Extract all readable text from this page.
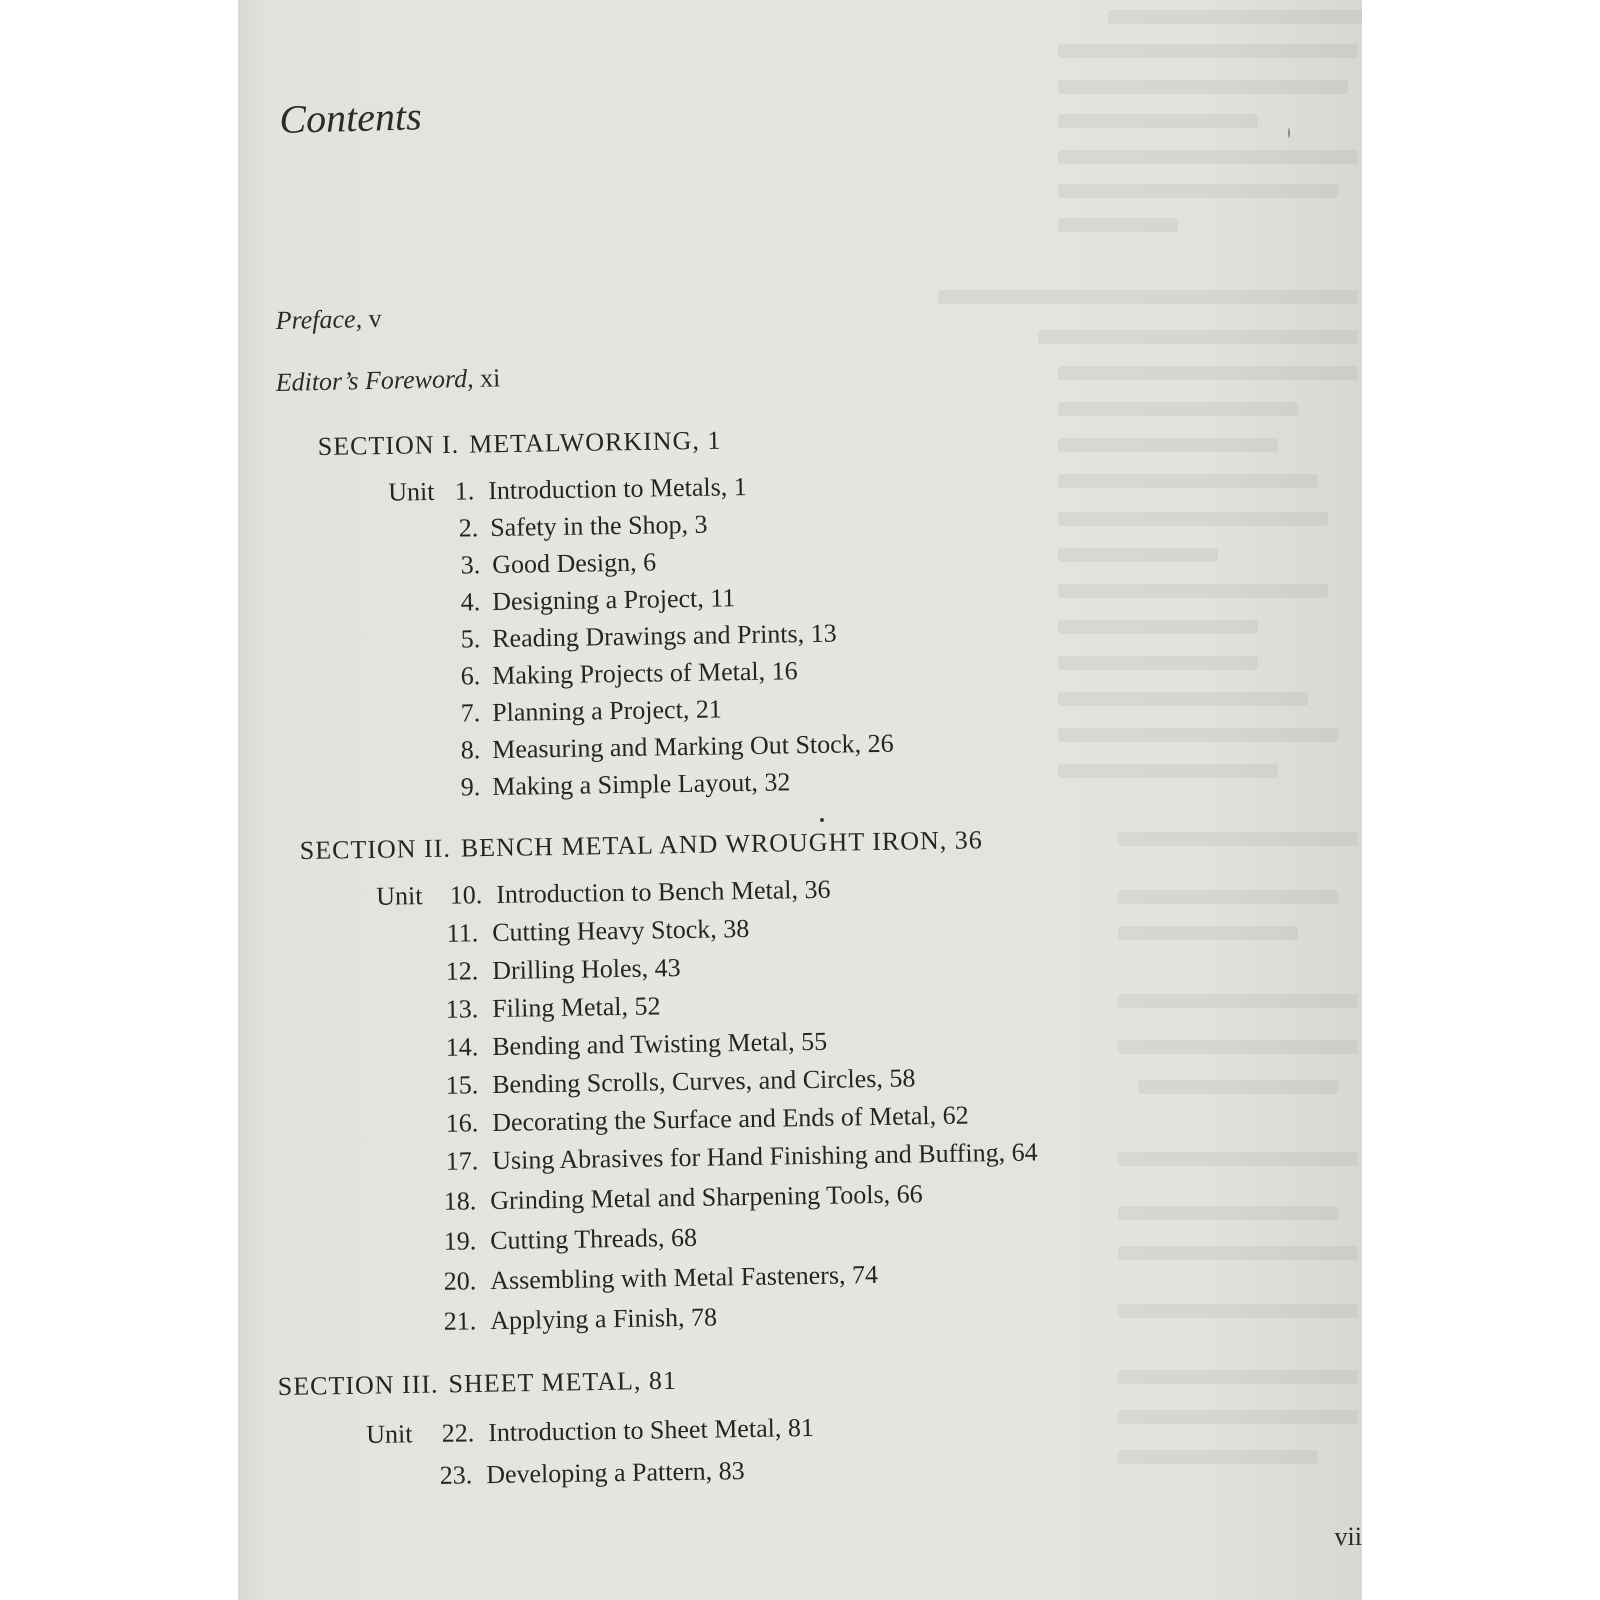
Contents
Preface, v
Editor’s Foreword, xi
SECTION I. METALWORKING, 1
Unit 1. Introduction to Metals, 1
2. Safety in the Shop, 3
3. Good Design, 6
4. Designing a Project, 11
5. Reading Drawings and Prints, 13
6. Making Projects of Metal, 16
7. Planning a Project, 21
8. Measuring and Marking Out Stock, 26
9. Making a Simple Layout, 32
SECTION II. BENCH METAL AND WROUGHT IRON, 36
Unit	10. Introduction to Bench Metal, 36
11. Cutting Heavy Stock, 38
12. Drilling Holes, 43
13. Filing Metal, 52
14. Bending and Twisting Metal, 55
15. Bending Scrolls, Curves, and Circles, 58
16. Decorating the Surface and Ends of Metal, 62
17. Using Abrasives for Hand Finishing and Buffing, 64
18. Grinding Metal and Sharpening Tools, 66
19. Cutting Threads, 68
20. Assembling with Metal Fasteners, 74
21. Applying a Finish, 78
SECTION III. SHEET METAL, 81
Unit	22. Introduction to Sheet Metal, 81
23. Developing a Pattern, 83
vii
